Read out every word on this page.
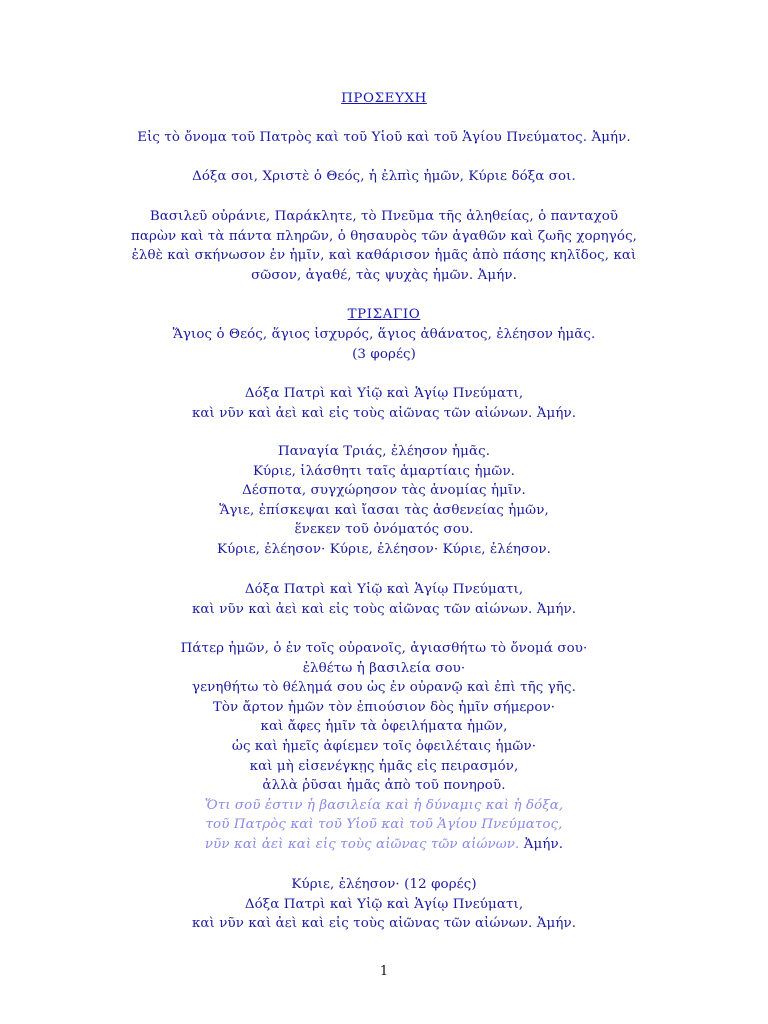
ΠΡΟΣΕΥΧΗ
Εἰς τὸ ὄνομα τοῦ Πατρὸς καὶ τοῦ Υἱοῦ καὶ τοῦ Ἁγίου Πνεύματος. Ἀμήν.
Δόξα σοι, Χριστὲ ὁ Θεός, ἡ ἐλπὶς ἡμῶν, Κύριε δόξα σοι.
Βασιλεῦ οὐράνιε, Παράκλητε, τὸ Πνεῦμα τῆς ἀληθείας, ὁ πανταχοῦ
παρὼν καὶ τὰ πάντα πληρῶν, ὁ θησαυρὸς τῶν ἀγαθῶν καὶ ζωῆς χορηγός,
ἐλθὲ καὶ σκήνωσον ἐν ἡμῖν, καὶ καθάρισον ἡμᾶς ἀπὸ πάσης κηλῖδος, καὶ
σῶσον, ἀγαθέ, τὰς ψυχὰς ἡμῶν. Ἀμήν.
ΤΡΙΣΑΓΙΟ
Ἅγιος ὁ Θεός, ἅγιος ἰσχυρός, ἅγιος ἀθάνατος, ἐλέησον ἡμᾶς.
(3 φορές)
Δόξα Πατρὶ καὶ Υἱῷ καὶ Ἁγίῳ Πνεύματι,
καὶ νῦν καὶ ἀεὶ καὶ εἰς τοὺς αἰῶνας τῶν αἰώνων. Ἀμήν.
Παναγία Τριάς, ἐλέησον ἡμᾶς.
Κύριε, ἱλάσθητι ταῖς ἁμαρτίαις ἡμῶν.
Δέσποτα, συγχώρησον τὰς ἀνομίας ἡμῖν.
Ἅγιε, ἐπίσκεψαι καὶ ἴασαι τὰς ἀσθενείας ἡμῶν,
ἕνεκεν τοῦ ὀνόματός σου.
Κύριε, ἐλέησον· Κύριε, ἐλέησον· Κύριε, ἐλέησον.
Δόξα Πατρὶ καὶ Υἱῷ καὶ Ἁγίῳ Πνεύματι,
καὶ νῦν καὶ ἀεὶ καὶ εἰς τοὺς αἰῶνας τῶν αἰώνων. Ἀμήν.
Πάτερ ἡμῶν, ὁ ἐν τοῖς οὐρανοῖς, ἁγιασθήτω τὸ ὄνομά σου·
ἐλθέτω ἡ βασιλεία σου·
γενηθήτω τὸ θέλημά σου ὡς ἐν οὐρανῷ καὶ ἐπὶ τῆς γῆς.
Τὸν ἄρτον ἡμῶν τὸν ἐπιούσιον δὸς ἡμῖν σήμερον·
καὶ ἄφες ἡμῖν τὰ ὀφειλήματα ἡμῶν,
ὡς καὶ ἡμεῖς ἀφίεμεν τοῖς ὀφειλέταις ἡμῶν·
καὶ μὴ εἰσενέγκῃς ἡμᾶς εἰς πειρασμόν,
ἀλλὰ ῥῦσαι ἡμᾶς ἀπὸ τοῦ πονηροῦ.
Ὅτι σοῦ ἐστιν ἡ βασιλεία καὶ ἡ δύναμις καὶ ἡ δόξα,
τοῦ Πατρὸς καὶ τοῦ Υἱοῦ καὶ τοῦ Ἁγίου Πνεύματος,
νῦν καὶ ἀεὶ καὶ εἰς τοὺς αἰῶνας τῶν αἰώνων. Ἀμήν.
Κύριε, ἐλέησον· (12 φορές)
Δόξα Πατρὶ καὶ Υἱῷ καὶ Ἁγίῳ Πνεύματι,
καὶ νῦν καὶ ἀεὶ καὶ εἰς τοὺς αἰῶνας τῶν αἰώνων. Ἀμήν.
1
